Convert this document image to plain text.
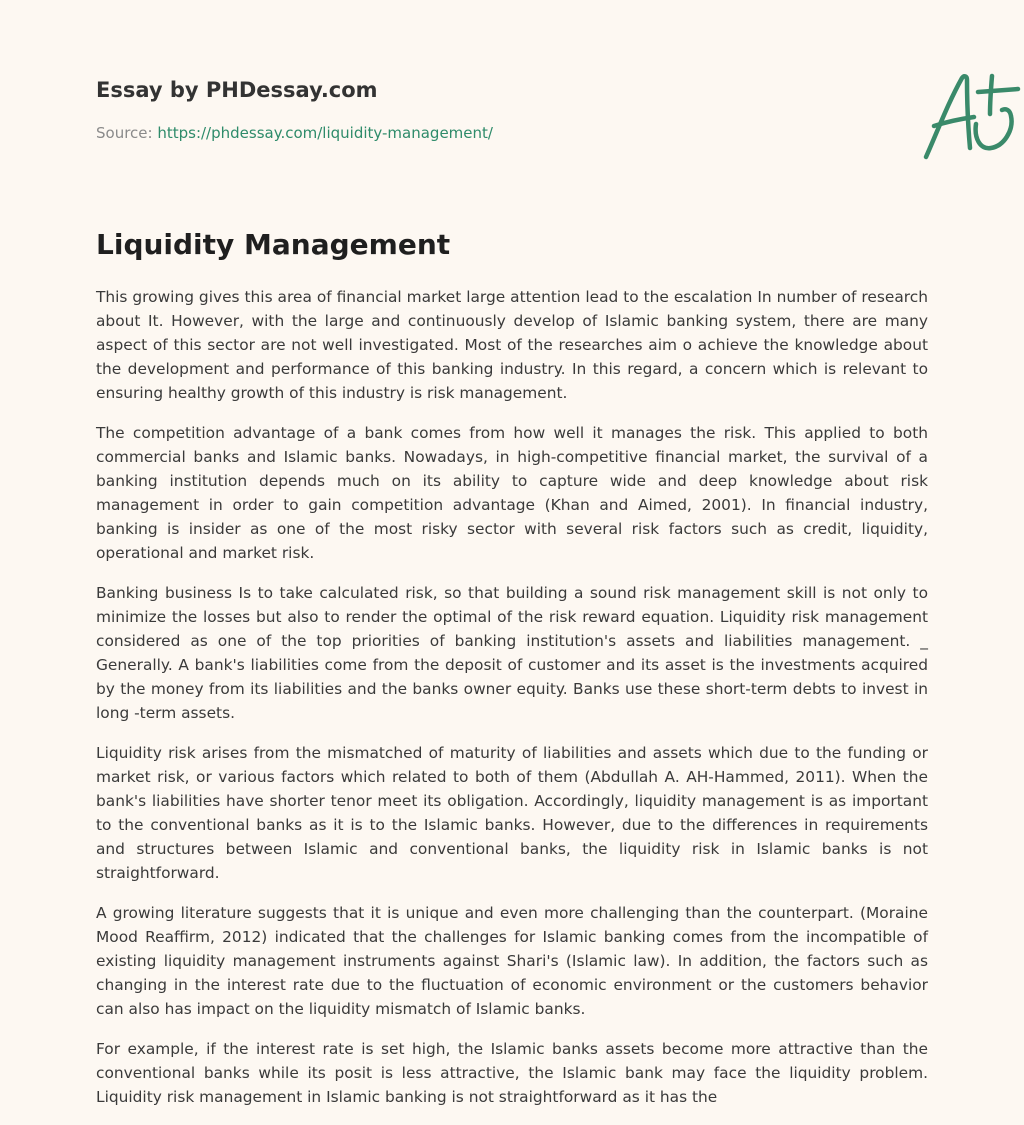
Essay by PHDessay.com
Source: https://phdessay.com/liquidity-management/
Liquidity Management

This growing gives this area of financial market large attention lead to the escalation In number of research about It. However, with the large and continuously develop of Islamic banking system, there are many aspect of this sector are not well investigated. Most of the researches aim o achieve the knowledge about the development and performance of this banking industry. In this regard, a concern which is relevant to ensuring healthy growth of this industry is risk management.

The competition advantage of a bank comes from how well it manages the risk. This applied to both commercial banks and Islamic banks. Nowadays, in high-competitive financial market, the survival of a banking institution depends much on its ability to capture wide and deep knowledge about risk management in order to gain competition advantage (Khan and Aimed, 2001). In financial industry, banking is insider as one of the most risky sector with several risk factors such as credit, liquidity, operational and market risk.

Banking business Is to take calculated risk, so that building a sound risk management skill is not only to minimize the losses but also to render the optimal of the risk reward equation. Liquidity risk management considered as one of the top priorities of banking institution's assets and liabilities management. _ Generally. A bank's liabilities come from the deposit of customer and its asset is the investments acquired by the money from its liabilities and the banks owner equity. Banks use these short-term debts to invest in long -term assets.

Liquidity risk arises from the mismatched of maturity of liabilities and assets which due to the funding or market risk, or various factors which related to both of them (Abdullah A. AH-Hammed, 2011). When the bank's liabilities have shorter tenor meet its obligation. Accordingly, liquidity management is as important to the conventional banks as it is to the Islamic banks. However, due to the differences in requirements and structures between Islamic and conventional banks, the liquidity risk in Islamic banks is not straightforward.

A growing literature suggests that it is unique and even more challenging than the counterpart. (Moraine Mood Reaffirm, 2012) indicated that the challenges for Islamic banking comes from the incompatible of existing liquidity management instruments against Shari's (Islamic law). In addition, the factors such as changing in the interest rate due to the fluctuation of economic environment or the customers behavior can also has impact on the liquidity mismatch of Islamic banks.

For example, if the interest rate is set high, the Islamic banks assets become more attractive than the conventional banks while its posit is less attractive, the Islamic bank may face the liquidity problem. Liquidity risk management in Islamic banking is not straightforward as it has the
